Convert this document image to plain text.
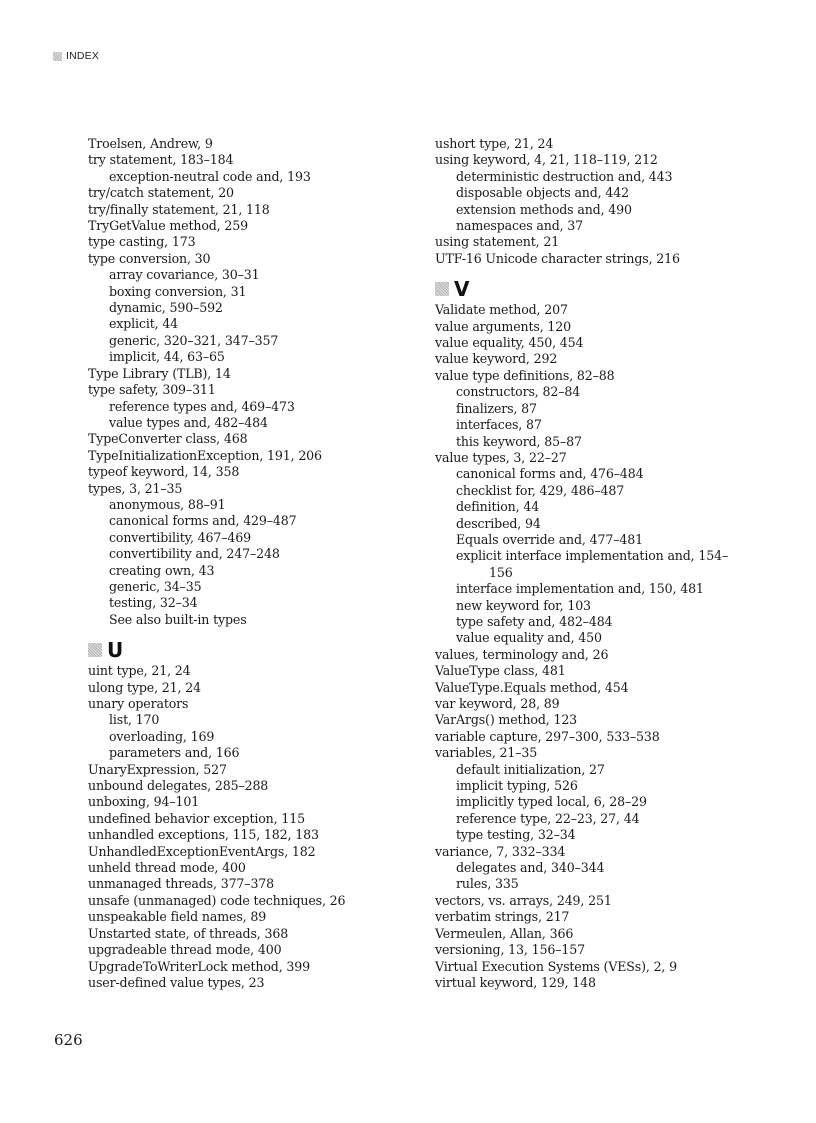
INDEX
Troelsen, Andrew, 9
try statement, 183–184
exception-neutral code and, 193
try/catch statement, 20
try/finally statement, 21, 118
TryGetValue method, 259
type casting, 173
type conversion, 30
array covariance, 30–31
boxing conversion, 31
dynamic, 590–592
explicit, 44
generic, 320–321, 347–357
implicit, 44, 63–65
Type Library (TLB), 14
type safety, 309–311
reference types and, 469–473
value types and, 482–484
TypeConverter class, 468
TypeInitializationException, 191, 206
typeof keyword, 14, 358
types, 3, 21–35
anonymous, 88–91
canonical forms and, 429–487
convertibility, 467–469
convertibility and, 247–248
creating own, 43
generic, 34–35
testing, 32–34
See also built-in types
U
uint type, 21, 24
ulong type, 21, 24
unary operators
list, 170
overloading, 169
parameters and, 166
UnaryExpression, 527
unbound delegates, 285–288
unboxing, 94–101
undefined behavior exception, 115
unhandled exceptions, 115, 182, 183
UnhandledExceptionEventArgs, 182
unheld thread mode, 400
unmanaged threads, 377–378
unsafe (unmanaged) code techniques, 26
unspeakable field names, 89
Unstarted state, of threads, 368
upgradeable thread mode, 400
UpgradeToWriterLock method, 399
user-defined value types, 23
ushort type, 21, 24
using keyword, 4, 21, 118–119, 212
deterministic destruction and, 443
disposable objects and, 442
extension methods and, 490
namespaces and, 37
using statement, 21
UTF-16 Unicode character strings, 216
V
Validate method, 207
value arguments, 120
value equality, 450, 454
value keyword, 292
value type definitions, 82–88
constructors, 82–84
finalizers, 87
interfaces, 87
this keyword, 85–87
value types, 3, 22–27
canonical forms and, 476–484
checklist for, 429, 486–487
definition, 44
described, 94
Equals override and, 477–481
explicit interface implementation and, 154–
156
interface implementation and, 150, 481
new keyword for, 103
type safety and, 482–484
value equality and, 450
values, terminology and, 26
ValueType class, 481
ValueType.Equals method, 454
var keyword, 28, 89
VarArgs() method, 123
variable capture, 297–300, 533–538
variables, 21–35
default initialization, 27
implicit typing, 526
implicitly typed local, 6, 28–29
reference type, 22–23, 27, 44
type testing, 32–34
variance, 7, 332–334
delegates and, 340–344
rules, 335
vectors, vs. arrays, 249, 251
verbatim strings, 217
Vermeulen, Allan, 366
versioning, 13, 156–157
Virtual Execution Systems (VESs), 2, 9
virtual keyword, 129, 148
626
